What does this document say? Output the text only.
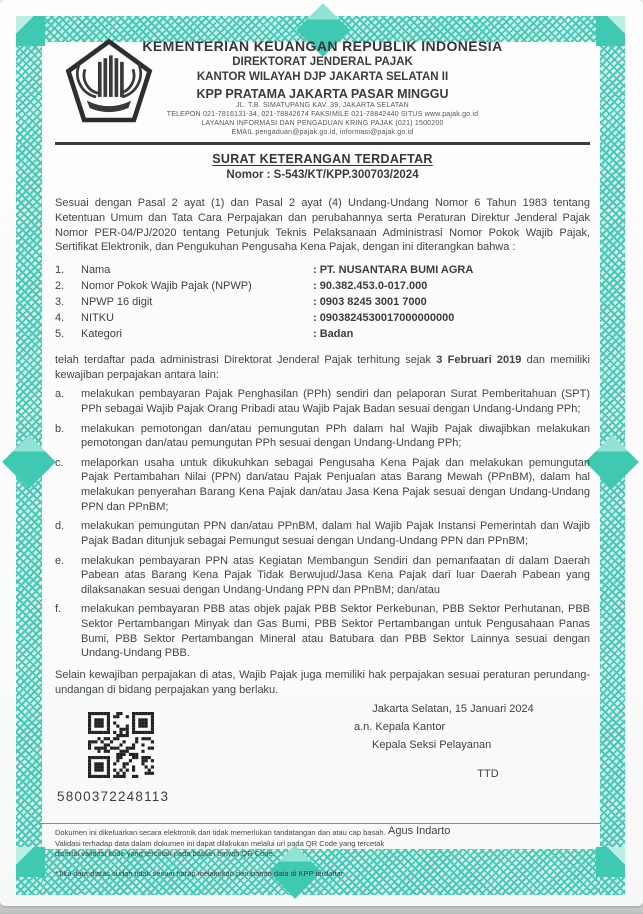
KEMENTERIAN KEUANGAN REPUBLIK INDONESIA
DIREKTORAT JENDERAL PAJAK
KANTOR WILAYAH DJP JAKARTA SELATAN II
KPP PRATAMA JAKARTA PASAR MINGGU
JL. T.B. SIMATUPANG KAV. 39, JAKARTA SELATAN
TELEPON 021-7816131-34, 021-78842674 FAKSIMILE 021-78842440 SITUS www.pajak.go.id
LAYANAN INFORMASI DAN PENGADUAN KRING PAJAK (021) 1500200
EMAIL pengaduan@pajak.go.id, informasi@pajak.go.id
SURAT KETERANGAN TERDAFTAR
Nomor : S-543/KT/KPP.300703/2024
Sesuai dengan Pasal 2 ayat (1) dan Pasal 2 ayat (4) Undang-Undang Nomor 6 Tahun 1983 tentang Ketentuan Umum dan Tata Cara Perpajakan dan perubahannya serta Peraturan Direktur Jenderal Pajak Nomor PER-04/PJ/2020 tentang Petunjuk Teknis Pelaksanaan Administrasi Nomor Pokok Wajib Pajak, Sertifikat Elektronik, dan Pengukuhan Pengusaha Kena Pajak, dengan ini diterangkan bahwa :
1.	Nama	: PT. NUSANTARA BUMI AGRA
2.	Nomor Pokok Wajib Pajak (NPWP)	: 90.382.453.0-017.000
3.	NPWP 16 digit	: 0903 8245 3001 7000
4.	NITKU	: 0903824530017000000000
5.	Kategori	: Badan
telah terdaftar pada administrasi Direktorat Jenderal Pajak terhitung sejak 3 Februari 2019 dan memiliki kewajiban perpajakan antara lain:
a.	melakukan pembayaran Pajak Penghasilan (PPh) sendiri dan pelaporan Surat Pemberitahuan (SPT) PPh sebagai Wajib Pajak Orang Pribadi atau Wajib Pajak Badan sesuai dengan Undang-Undang PPh;
b.	melakukan pemotongan dan/atau pemungutan PPh dalam hal Wajib Pajak diwajibkan melakukan pemotongan dan/atau pemungutan PPh sesuai dengan Undang-Undang PPh;
c.	melaporkan usaha untuk dikukuhkan sebagai Pengusaha Kena Pajak dan melakukan pemungutan Pajak Pertambahan Nilai (PPN) dan/atau Pajak Penjualan atas Barang Mewah (PPnBM), dalam hal melakukan penyerahan Barang Kena Pajak dan/atau Jasa Kena Pajak sesuai dengan Undang-Undang PPN dan PPnBM;
d.	melakukan pemungutan PPN dan/atau PPnBM, dalam hal Wajib Pajak Instansi Pemerintah dan Wajib Pajak Badan ditunjuk sebagai Pemungut sesuai dengan Undang-Undang PPN dan PPnBM;
e.	melakukan pembayaran PPN atas Kegiatan Membangun Sendiri dan pemanfaatan di dalam Daerah Pabean atas Barang Kena Pajak Tidak Berwujud/Jasa Kena Pajak dari luar Daerah Pabean yang dilaksanakan sesuai dengan Undang-Undang PPN dan PPnBM; dan/atau
f.	melakukan pembayaran PBB atas objek pajak PBB Sektor Perkebunan, PBB Sektor Perhutanan, PBB Sektor Pertambangan Minyak dan Gas Bumi, PBB Sektor Pertambangan untuk Pengusahaan Panas Bumi, PBB Sektor Pertambangan Mineral atau Batubara dan PBB Sektor Lainnya sesuai dengan Undang-Undang PBB.
Selain kewajiban perpajakan di atas, Wajib Pajak juga memiliki hak perpajakan sesuai peraturan perundang-undangan di bidang perpajakan yang berlaku.
Jakarta Selatan, 15 Januari 2024
a.n. Kepala Kantor
Kepala Seksi Pelayanan
TTD
Agus Indarto
5800372248113
Dokumen ini dikeluarkan secara elektronik dan tidak memerlukan tandatangan dan atau cap basah.
Validasi terhadap data dalam dokumen ini dapat dilakukan melalui url pada QR Code yang tercetak
disertai validasi kode yang tercetak pada bagian bawah QR Code.
*Jika data diatas sudah tidak sesuai harap melakukan perubahan data di KPP terdaftar
